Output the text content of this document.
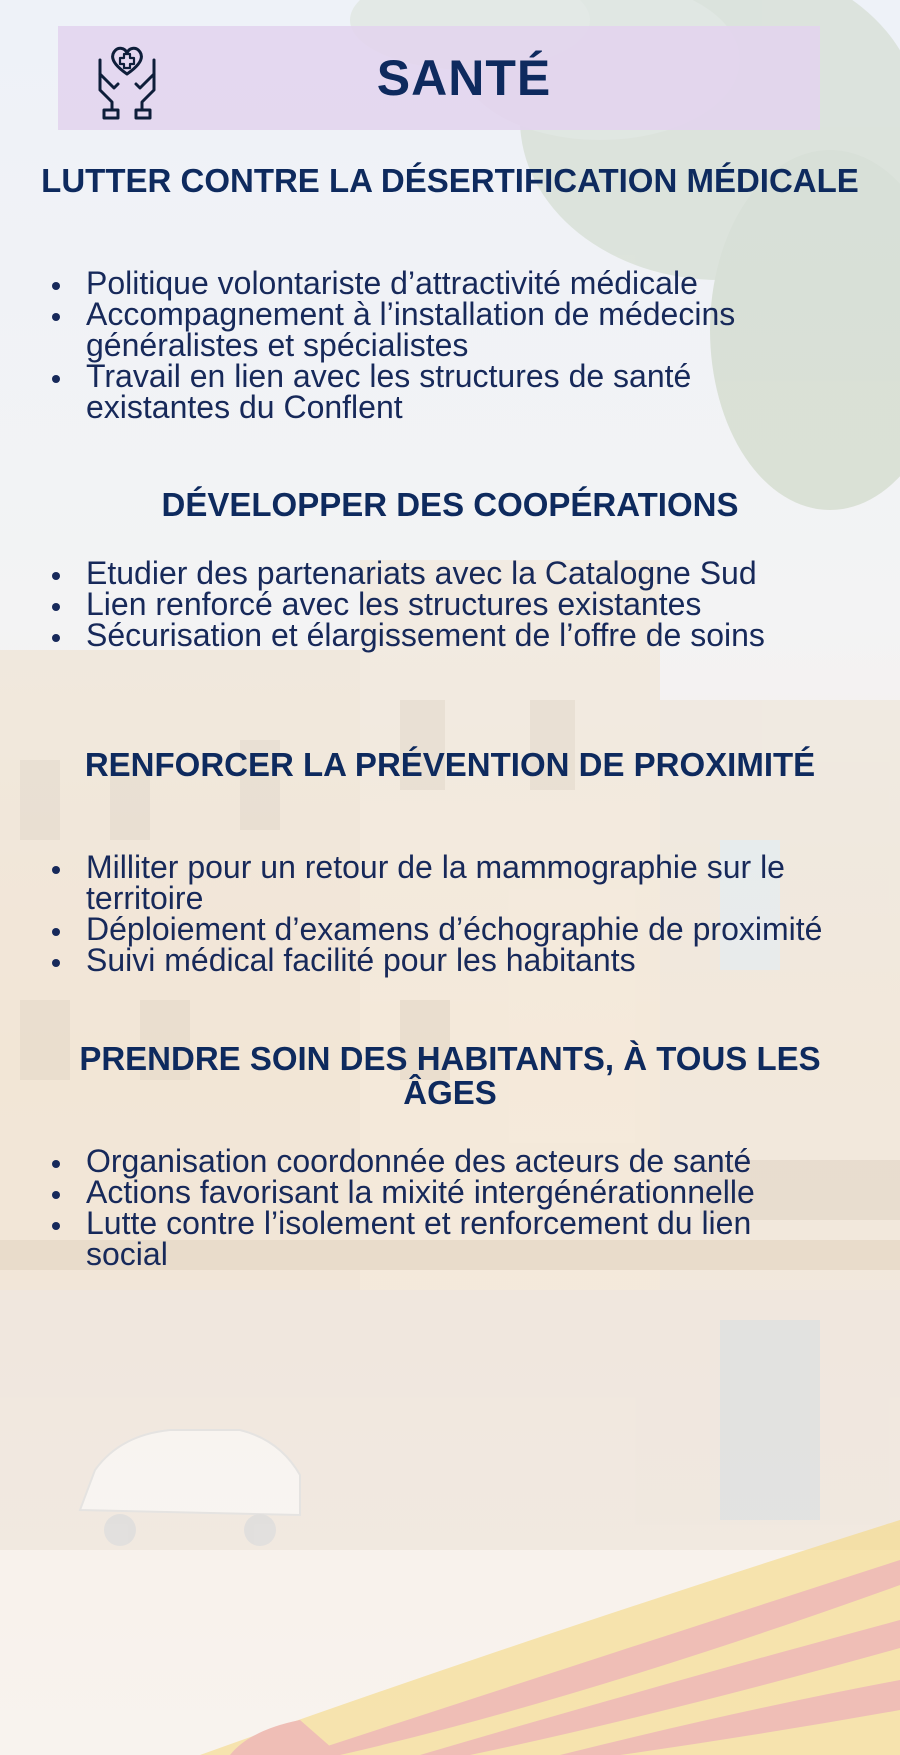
SANTÉ
LUTTER CONTRE LA DÉSERTIFICATION MÉDICALE
Politique volontariste d’attractivité médicale
Accompagnement à l’installation de médecins généralistes et spécialistes
Travail en lien avec les structures de santé existantes du Conflent
DÉVELOPPER DES COOPÉRATIONS
Etudier des partenariats avec la Catalogne Sud
Lien renforcé avec les structures existantes
Sécurisation et élargissement de l’offre de soins
RENFORCER LA PRÉVENTION DE PROXIMITÉ
Milliter pour un retour de la mammographie sur le territoire
Déploiement d’examens d’échographie de proximité
Suivi médical facilité pour les habitants
PRENDRE SOIN DES HABITANTS, À TOUS LES ÂGES
Organisation coordonnée des acteurs de santé
Actions favorisant la mixité intergénérationnelle
Lutte contre l’isolement et renforcement du lien social
